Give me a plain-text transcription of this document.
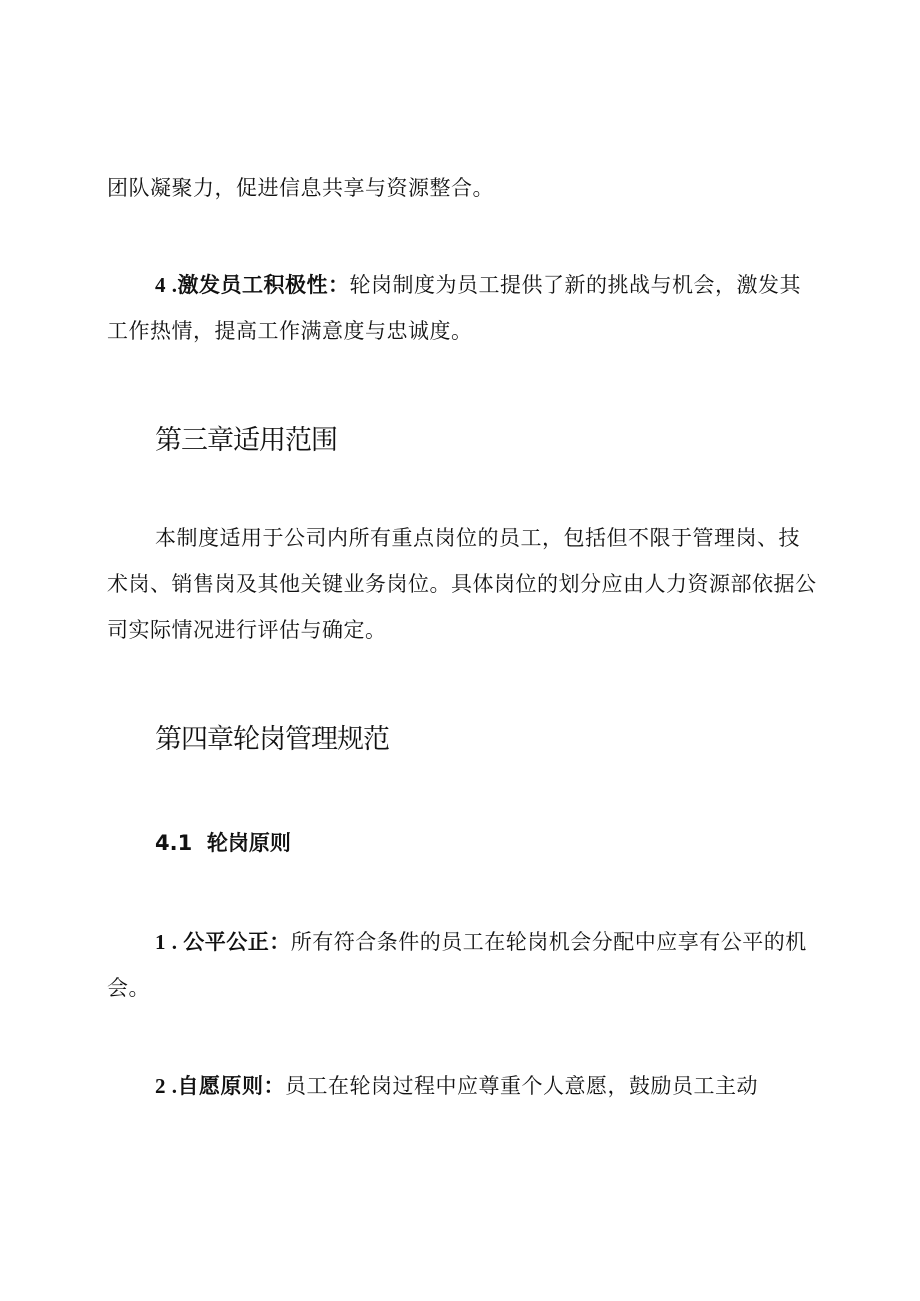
团队凝聚力，促进信息共享与资源整合。

4 .激发员工积极性：轮岗制度为员工提供了新的挑战与机会，激发其工作热情，提高工作满意度与忠诚度。

第三章适用范围

本制度适用于公司内所有重点岗位的员工，包括但不限于管理岗、技术岗、销售岗及其他关键业务岗位。具体岗位的划分应由人力资源部依据公司实际情况进行评估与确定。

第四章轮岗管理规范

4.1 轮岗原则

1 . 公平公正：所有符合条件的员工在轮岗机会分配中应享有公平的机会。

2 .自愿原则：员工在轮岗过程中应尊重个人意愿，鼓励员工主动
